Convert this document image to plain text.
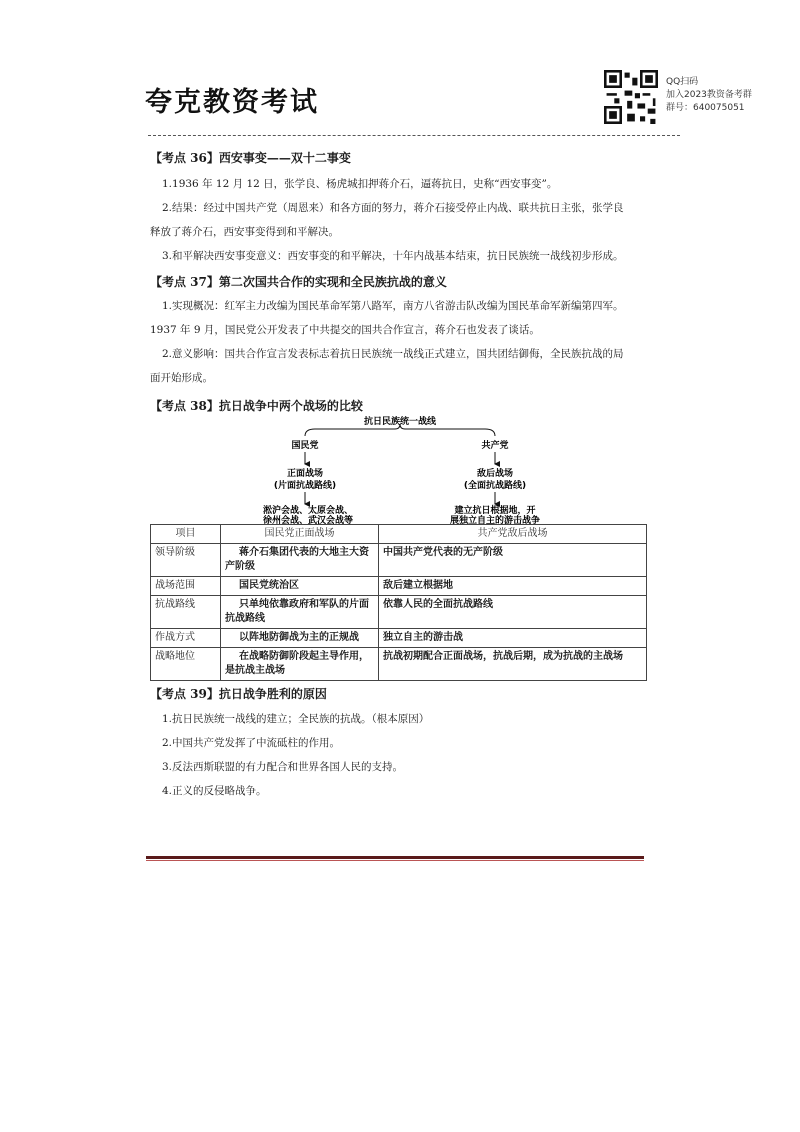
夸克教资考试
QQ扫码
加入2023教资备考群
群号：640075051

【考点 36】西安事变——双十二事变

1.1936 年 12 月 12 日，张学良、杨虎城扣押蒋介石，逼蒋抗日，史称“西安事变”。

2.结果：经过中国共产党（周恩来）和各方面的努力，蒋介石接受停止内战、联共抗日主张，张学良

释放了蒋介石，西安事变得到和平解决。

3.和平解决西安事变意义：西安事变的和平解决，十年内战基本结束，抗日民族统一战线初步形成。

【考点 37】第二次国共合作的实现和全民族抗战的意义

1.实现概况：红军主力改编为国民革命军第八路军，南方八省游击队改编为国民革命军新编第四军。

1937 年 9 月，国民党公开发表了中共提交的国共合作宣言，蒋介石也发表了谈话。

2.意义影响：国共合作宣言发表标志着抗日民族统一战线正式建立，国共团结御侮，全民族抗战的局

面开始形成。

【考点 38】抗日战争中两个战场的比较

抗日民族统一战线
国民党	共产党
正面战场
(片面抗战路线)
敌后战场
(全面抗战路线)
淞沪会战、太原会战、
徐州会战、武汉会战等
建立抗日根据地，开
展独立自主的游击战争
项目	国民党正面战场	共产党敌后战场
领导阶级	蒋介石集团代表的大地主大资产阶级	中国共产党代表的无产阶级
战场范围	国民党统治区	敌后建立根据地
抗战路线	只单纯依靠政府和军队的片面抗战路线	依靠人民的全面抗战路线
作战方式	以阵地防御战为主的正规战	独立自主的游击战
战略地位	在战略防御阶段起主导作用，是抗战主战场	抗战初期配合正面战场，抗战后期，成为抗战的主战场

【考点 39】抗日战争胜利的原因

1.抗日民族统一战线的建立；全民族的抗战。（根本原因）

2.中国共产党发挥了中流砥柱的作用。

3.反法西斯联盟的有力配合和世界各国人民的支持。

4.正义的反侵略战争。
